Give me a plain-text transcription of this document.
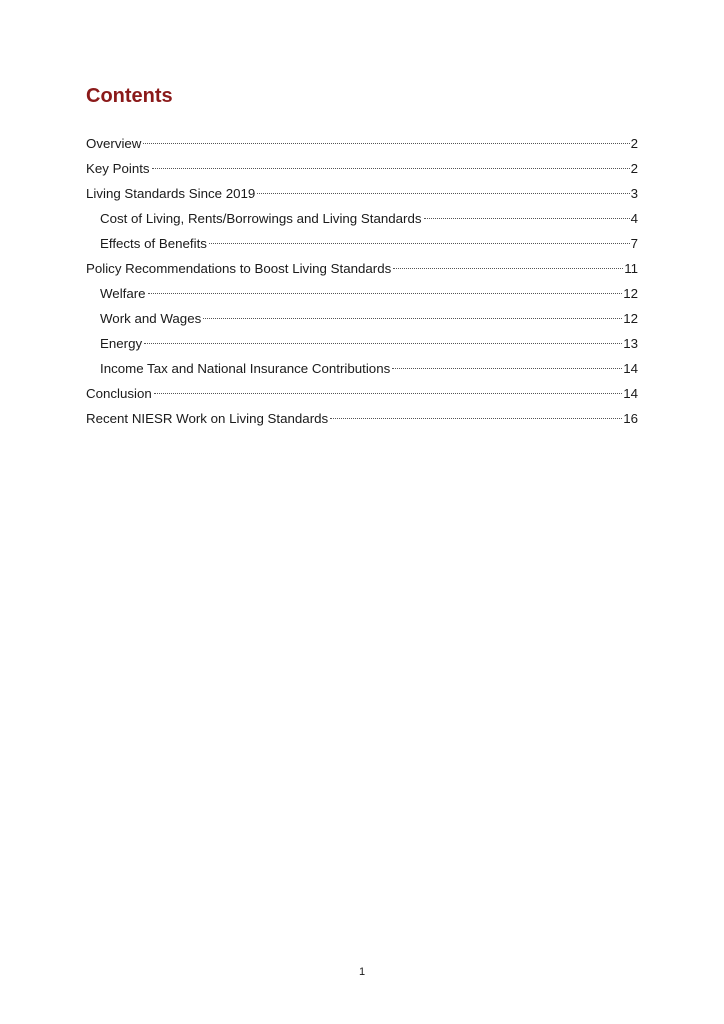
Contents
Overview	2
Key Points	2
Living Standards Since 2019	3
Cost of Living, Rents/Borrowings and Living Standards	4
Effects of Benefits	7
Policy Recommendations to Boost Living Standards	11
Welfare	12
Work and Wages	12
Energy	13
Income Tax and National Insurance Contributions	14
Conclusion	14
Recent NIESR Work on Living Standards	16
1
